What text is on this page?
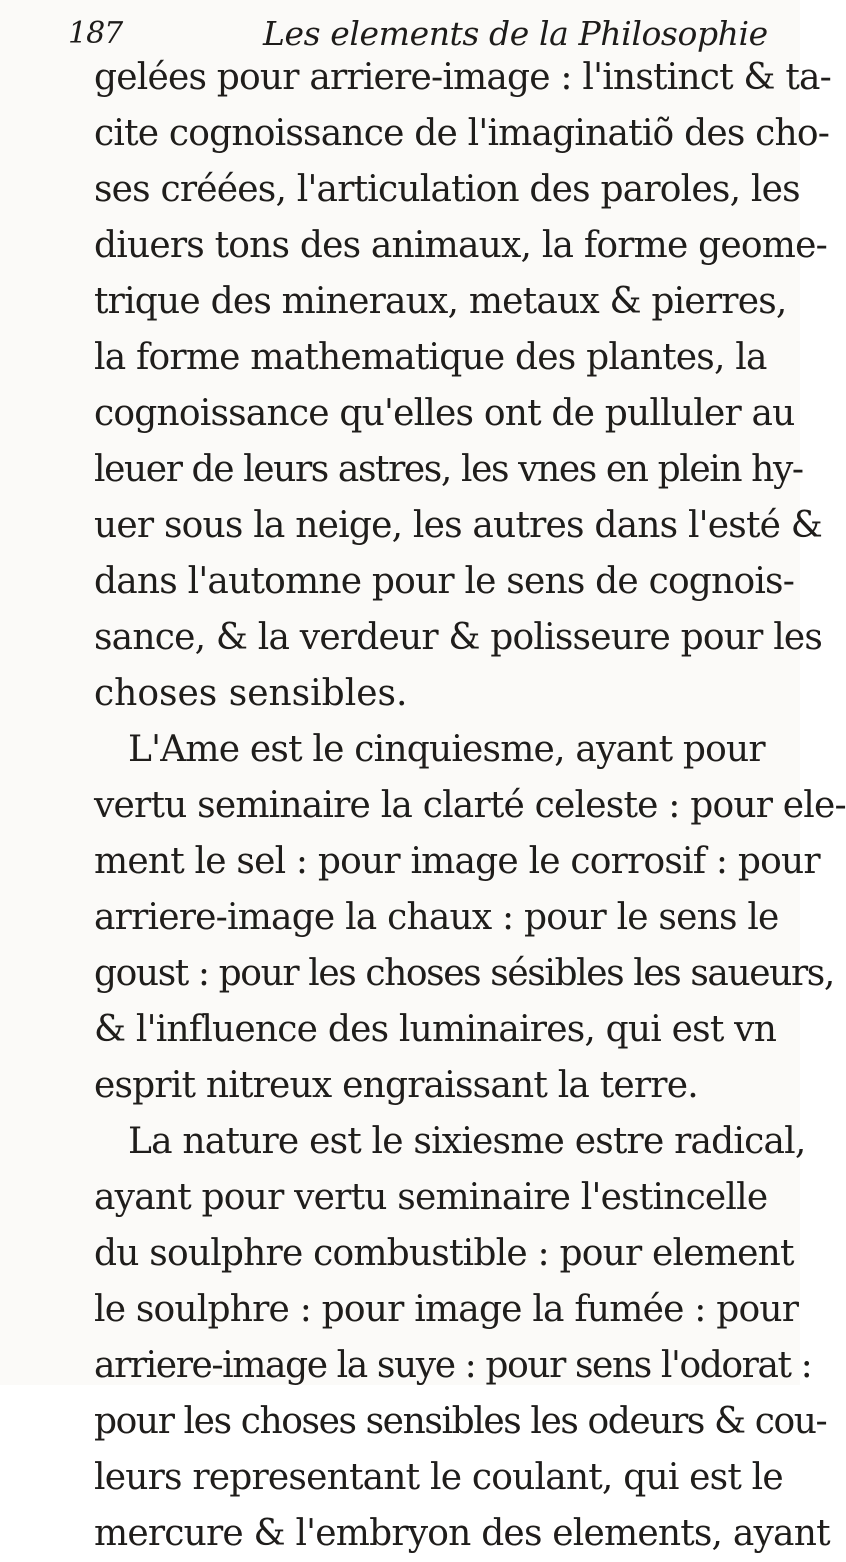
187	Les elements de la Philosophie
gelées pour arriere-image : l'instinct & ta-
cite cognoissance de l'imaginatiõ des cho-
ses créées, l'articulation des paroles, les
diuers tons des animaux, la forme geome-
trique des mineraux, metaux & pierres,
la forme mathematique des plantes, la
cognoissance qu'elles ont de pulluler au
leuer de leurs astres, les vnes en plein hy-
uer sous la neige, les autres dans l'esté &
dans l'automne pour le sens de cognois-
sance, & la verdeur & polisseure pour les
choses sensibles.
L'Ame est le cinquiesme, ayant pour
vertu seminaire la clarté celeste : pour ele-
ment le sel : pour image le corrosif : pour
arriere-image la chaux : pour le sens le
goust : pour les choses sésibles les saueurs,
& l'influence des luminaires, qui est vn
esprit nitreux engraissant la terre.
La nature est le sixiesme estre radical,
ayant pour vertu seminaire l'estincelle
du soulphre combustible : pour element
le soulphre : pour image la fumée : pour
arriere-image la suye : pour sens l'odorat :
pour les choses sensibles les odeurs & cou-
leurs representant le coulant, qui est le
mercure & l'embryon des elements, ayant
